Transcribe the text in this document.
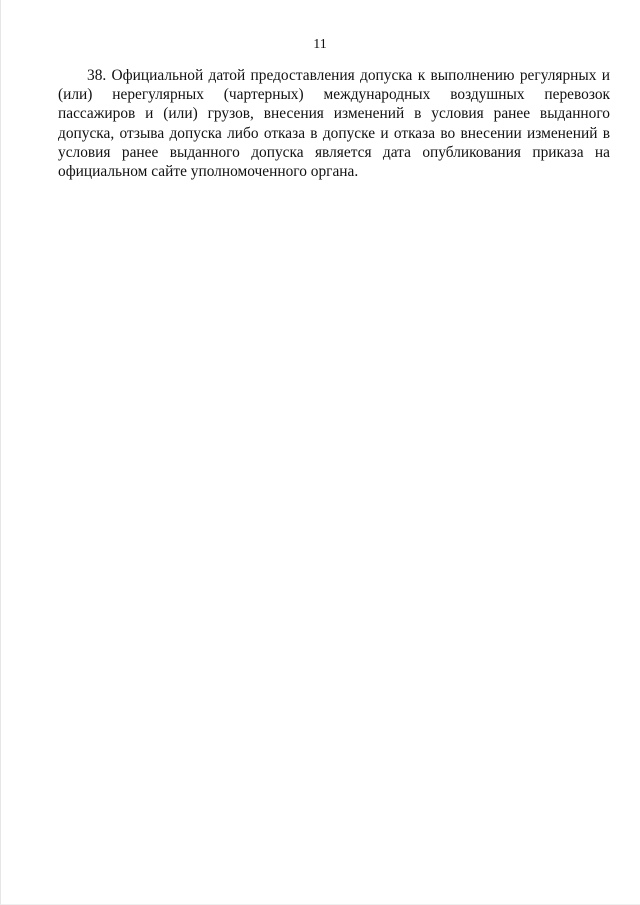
11

38. Официальной датой предоставления допуска к выполнению регулярных и (или) нерегулярных (чартерных) международных воздушных перевозок пассажиров и (или) грузов, внесения изменений в условия ранее выданного допуска, отзыва допуска либо отказа в допуске и отказа во внесении изменений в условия ранее выданного допуска является дата опубликования приказа на официальном сайте уполномоченного органа.
